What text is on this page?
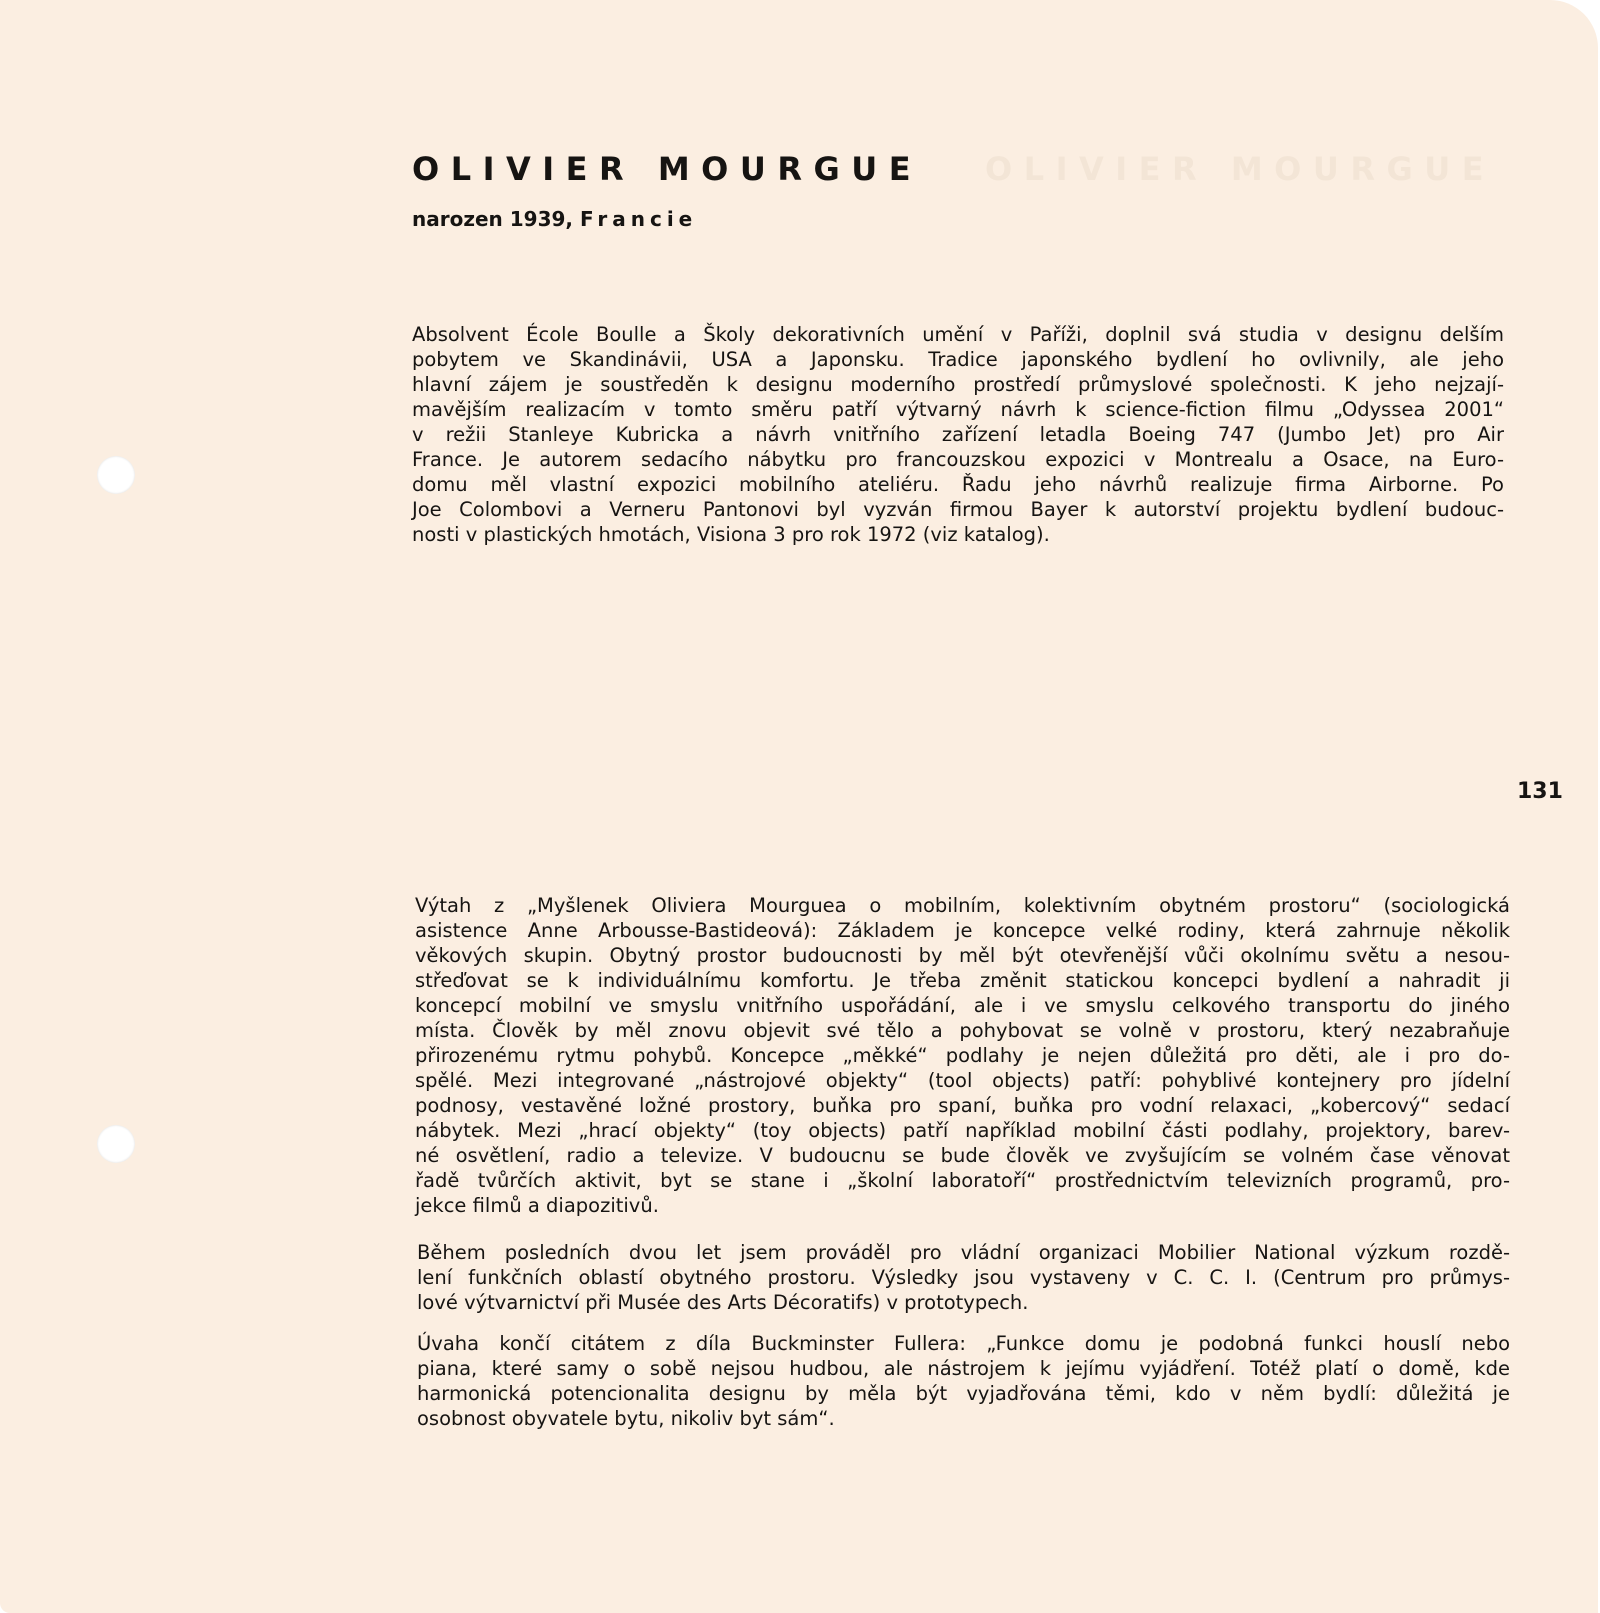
OLIVIER MOURGUE
OLIVIER MOURGUE

narozen 1939, Francie

Absolvent École Boulle a Školy dekorativních umění v Paříži, doplnil svá studia v designu delším
pobytem ve Skandinávii, USA a Japonsku. Tradice japonského bydlení ho ovlivnily, ale jeho
hlavní zájem je soustředěn k designu moderního prostředí průmyslové společnosti. K jeho nejzají-
mavějším realizacím v tomto směru patří výtvarný návrh k science-fiction filmu „Odyssea 2001“
v režii Stanleye Kubricka a návrh vnitřního zařízení letadla Boeing 747 (Jumbo Jet) pro Air
France. Je autorem sedacího nábytku pro francouzskou expozici v Montrealu a Osace, na Euro-
domu měl vlastní expozici mobilního ateliéru. Řadu jeho návrhů realizuje firma Airborne. Po
Joe Colombovi a Verneru Pantonovi byl vyzván firmou Bayer k autorství projektu bydlení budouc-
nosti v plastických hmotách, Visiona 3 pro rok 1972 (viz katalog).

Výtah z „Myšlenek Oliviera Mourguea o mobilním, kolektivním obytném prostoru“ (sociologická
asistence Anne Arbousse-Bastideová): Základem je koncepce velké rodiny, která zahrnuje několik
věkových skupin. Obytný prostor budoucnosti by měl být otevřenější vůči okolnímu světu a nesou-
střeďovat se k individuálnímu komfortu. Je třeba změnit statickou koncepci bydlení a nahradit ji
koncepcí mobilní ve smyslu vnitřního uspořádání, ale i ve smyslu celkového transportu do jiného
místa. Člověk by měl znovu objevit své tělo a pohybovat se volně v prostoru, který nezabraňuje
přirozenému rytmu pohybů. Koncepce „měkké“ podlahy je nejen důležitá pro děti, ale i pro do-
spělé. Mezi integrované „nástrojové objekty“ (tool objects) patří: pohyblivé kontejnery pro jídelní
podnosy, vestavěné ložné prostory, buňka pro spaní, buňka pro vodní relaxaci, „kobercový“ sedací
nábytek. Mezi „hrací objekty“ (toy objects) patří například mobilní části podlahy, projektory, barev-
né osvětlení, radio a televize. V budoucnu se bude člověk ve zvyšujícím se volném čase věnovat
řadě tvůrčích aktivit, byt se stane i „školní laboratoří“ prostřednictvím televizních programů, pro-
jekce filmů a diapozitivů.

Během posledních dvou let jsem prováděl pro vládní organizaci Mobilier National výzkum rozdě-
lení funkčních oblastí obytného prostoru. Výsledky jsou vystaveny v C. C. I. (Centrum pro průmys-
lové výtvarnictví při Musée des Arts Décoratifs) v prototypech.

Úvaha končí citátem z díla Buckminster Fullera: „Funkce domu je podobná funkci houslí nebo
piana, které samy o sobě nejsou hudbou, ale nástrojem k jejímu vyjádření. Totéž platí o domě, kde
harmonická potencionalita designu by měla být vyjadřována těmi, kdo v něm bydlí: důležitá je
osobnost obyvatele bytu, nikoliv byt sám“.

131
